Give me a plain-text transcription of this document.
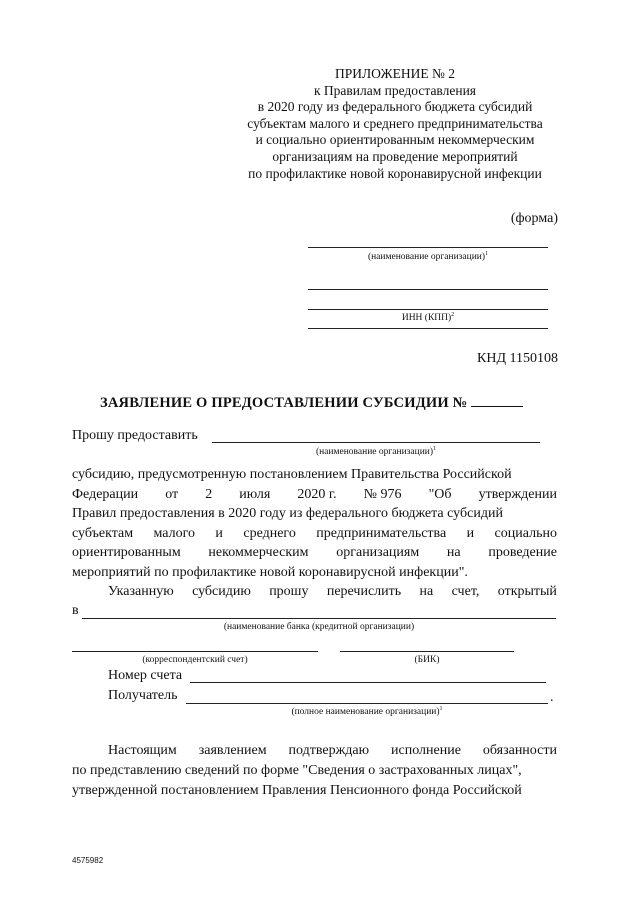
ПРИЛОЖЕНИЕ № 2
к Правилам предоставления
в 2020 году из федерального бюджета субсидий
субъектам малого и среднего предпринимательства
и социально ориентированным некоммерческим
организациям на проведение мероприятий
по профилактике новой коронавирусной инфекции
(форма)
(наименование организации)$^1$
ИНН (КПП)$^2$
КНД 1150108
ЗАЯВЛЕНИЕ О ПРЕДОСТАВЛЕНИИ СУБСИДИИ №
Прошу предоставить
(наименование организации)$^1$
субсидию, предусмотренную постановлением Правительства Российской
Федерации от 2 июля 2020 г. № 976 "Об утверждении
Правил предоставления в 2020 году из федерального бюджета субсидий
субъектам малого и среднего предпринимательства и социально
ориентированным некоммерческим организациям на проведение
мероприятий по профилактике новой коронавирусной инфекции".
Указанную субсидию прошу перечислить на счет, открытый
в
(наименование банка (кредитной организации)
(корреспондентский счет)	(БИК)
Номер счета
Получатель	.
(полное наименование организации)$^1$
Настоящим заявлением подтверждаю исполнение обязанности
по представлению сведений по форме "Сведения о застрахованных лицах",
утвержденной постановлением Правления Пенсионного фонда Российской
4575982
